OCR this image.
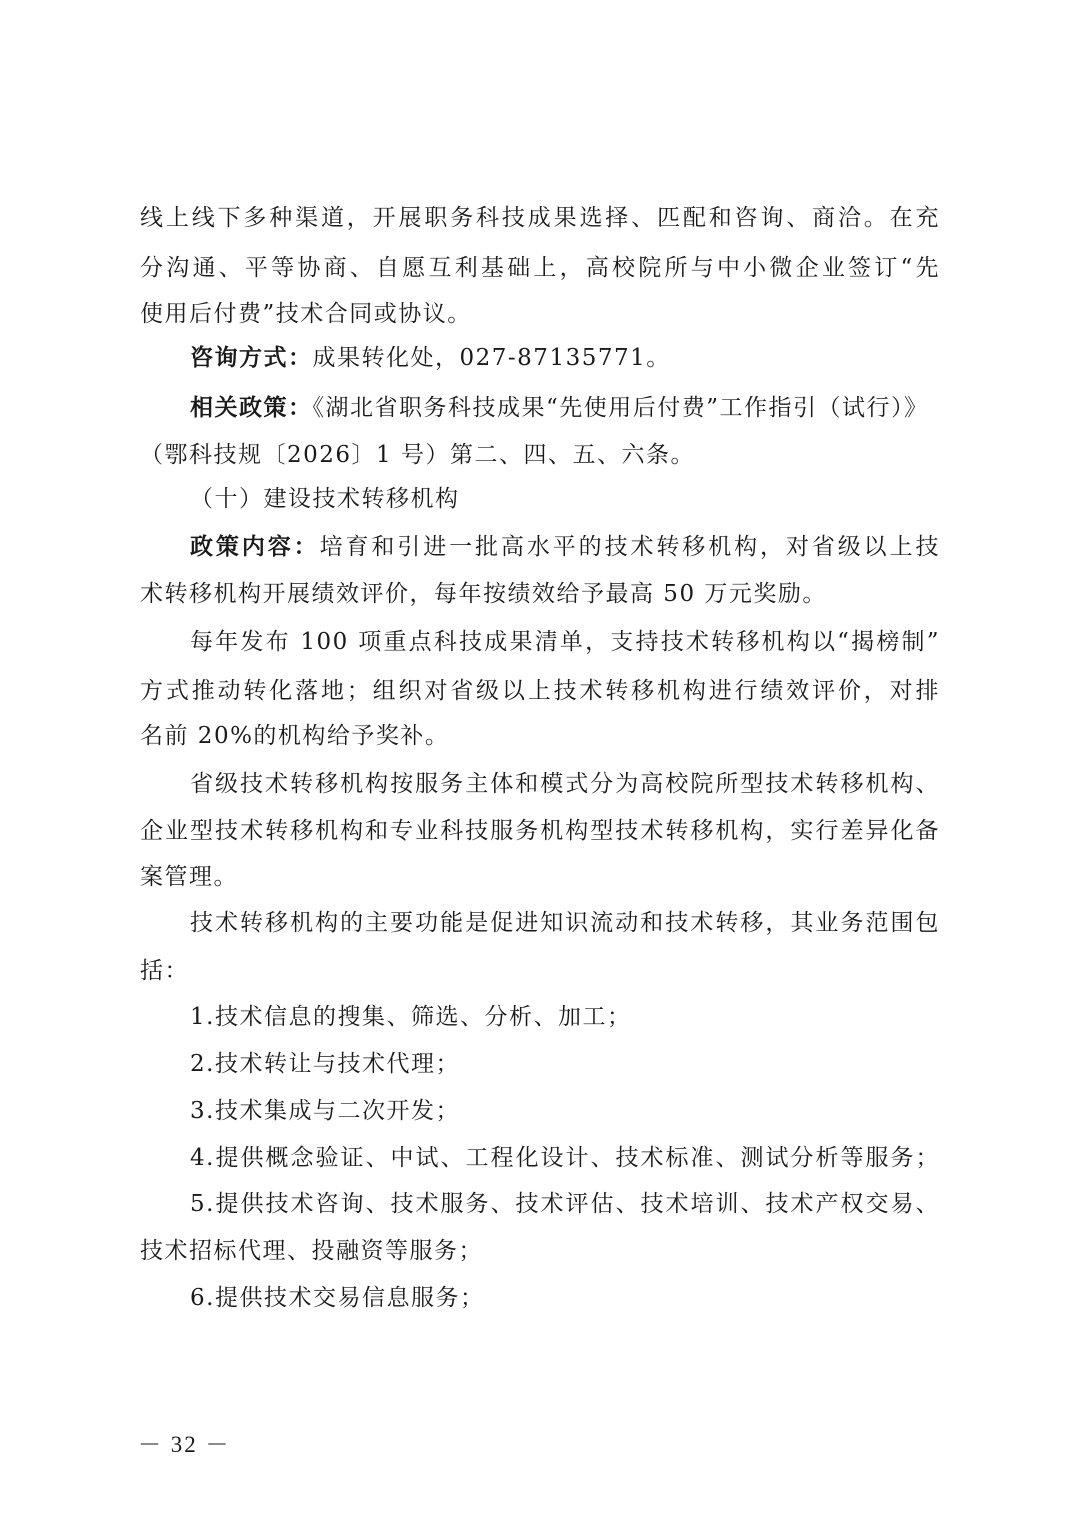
线上线下多种渠道，开展职务科技成果选择、匹配和咨询、商洽。在充
分沟通、平等协商、自愿互利基础上，高校院所与中小微企业签订“先
使用后付费”技术合同或协议。
咨询方式：成果转化处，027-87135771。
相关政策：《湖北省职务科技成果“先使用后付费”工作指引（试行）》
（鄂科技规〔2026〕1 号）第二、四、五、六条。
（十）建设技术转移机构
政策内容：培育和引进一批高水平的技术转移机构，对省级以上技
术转移机构开展绩效评价，每年按绩效给予最高 50 万元奖励。
每年发布 100 项重点科技成果清单，支持技术转移机构以“揭榜制”
方式推动转化落地；组织对省级以上技术转移机构进行绩效评价，对排
名前 20%的机构给予奖补。
省级技术转移机构按服务主体和模式分为高校院所型技术转移机构、
企业型技术转移机构和专业科技服务机构型技术转移机构，实行差异化备
案管理。
技术转移机构的主要功能是促进知识流动和技术转移，其业务范围包
括：
1.技术信息的搜集、筛选、分析、加工；
2.技术转让与技术代理；
3.技术集成与二次开发；
4.提供概念验证、中试、工程化设计、技术标准、测试分析等服务；
5.提供技术咨询、技术服务、技术评估、技术培训、技术产权交易、
技术招标代理、投融资等服务；
6.提供技术交易信息服务；
－ 32 －
